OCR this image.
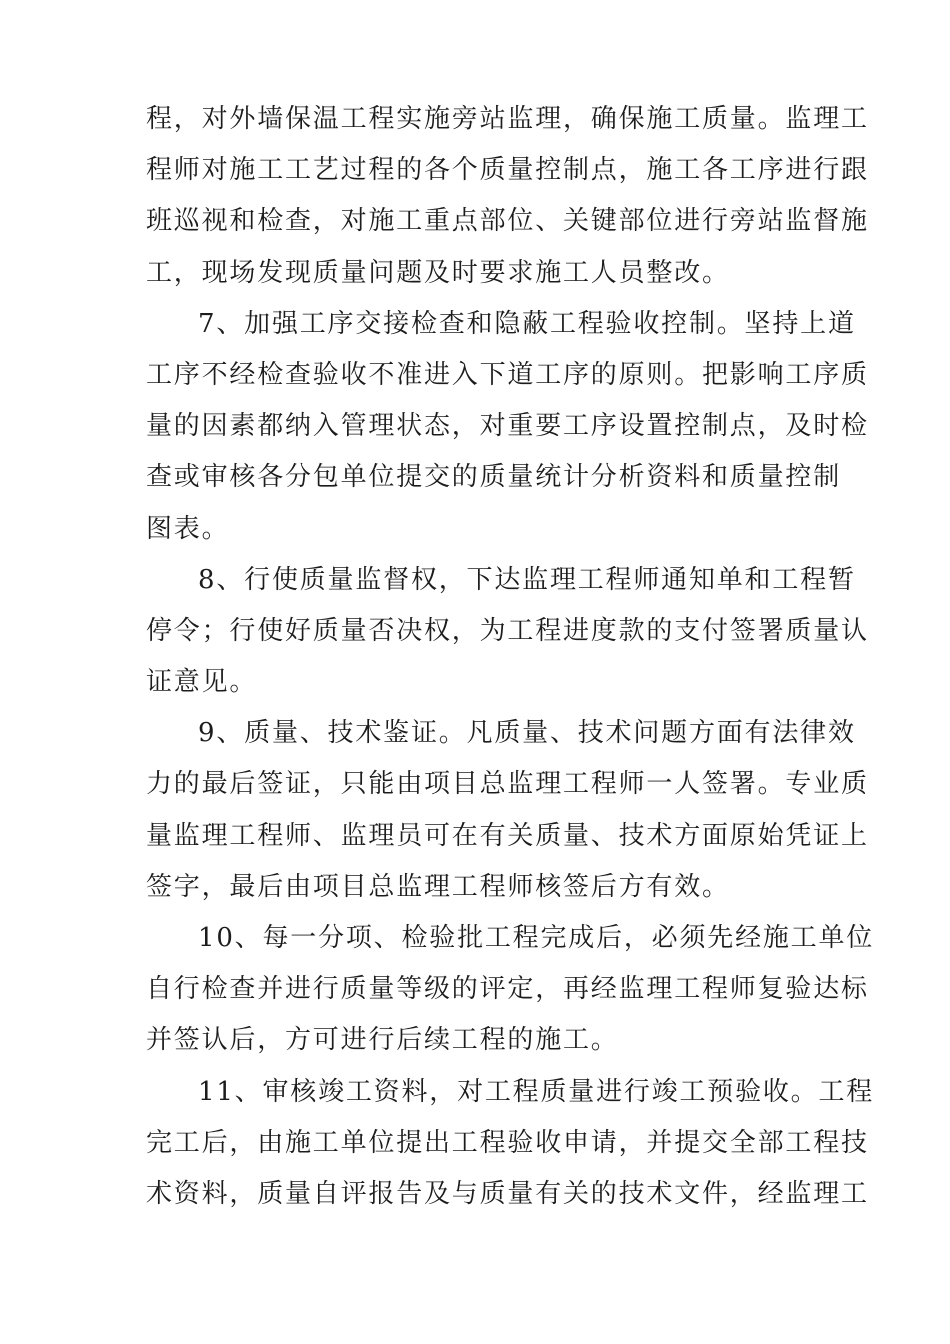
程，对外墙保温工程实施旁站监理，确保施工质量。监理工
程师对施工工艺过程的各个质量控制点，施工各工序进行跟
班巡视和检查，对施工重点部位、关键部位进行旁站监督施
工，现场发现质量问题及时要求施工人员整改。
7、加强工序交接检查和隐蔽工程验收控制。坚持上道
工序不经检查验收不准进入下道工序的原则。把影响工序质
量的因素都纳入管理状态，对重要工序设置控制点，及时检
查或审核各分包单位提交的质量统计分析资料和质量控制
图表。
8、行使质量监督权，下达监理工程师通知单和工程暂
停令；行使好质量否决权，为工程进度款的支付签署质量认
证意见。
9、质量、技术鉴证。凡质量、技术问题方面有法律效
力的最后签证，只能由项目总监理工程师一人签署。专业质
量监理工程师、监理员可在有关质量、技术方面原始凭证上
签字，最后由项目总监理工程师核签后方有效。
10、每一分项、检验批工程完成后，必须先经施工单位
自行检查并进行质量等级的评定，再经监理工程师复验达标
并签认后，方可进行后续工程的施工。
11、审核竣工资料，对工程质量进行竣工预验收。工程
完工后，由施工单位提出工程验收申请，并提交全部工程技
术资料，质量自评报告及与质量有关的技术文件，经监理工
